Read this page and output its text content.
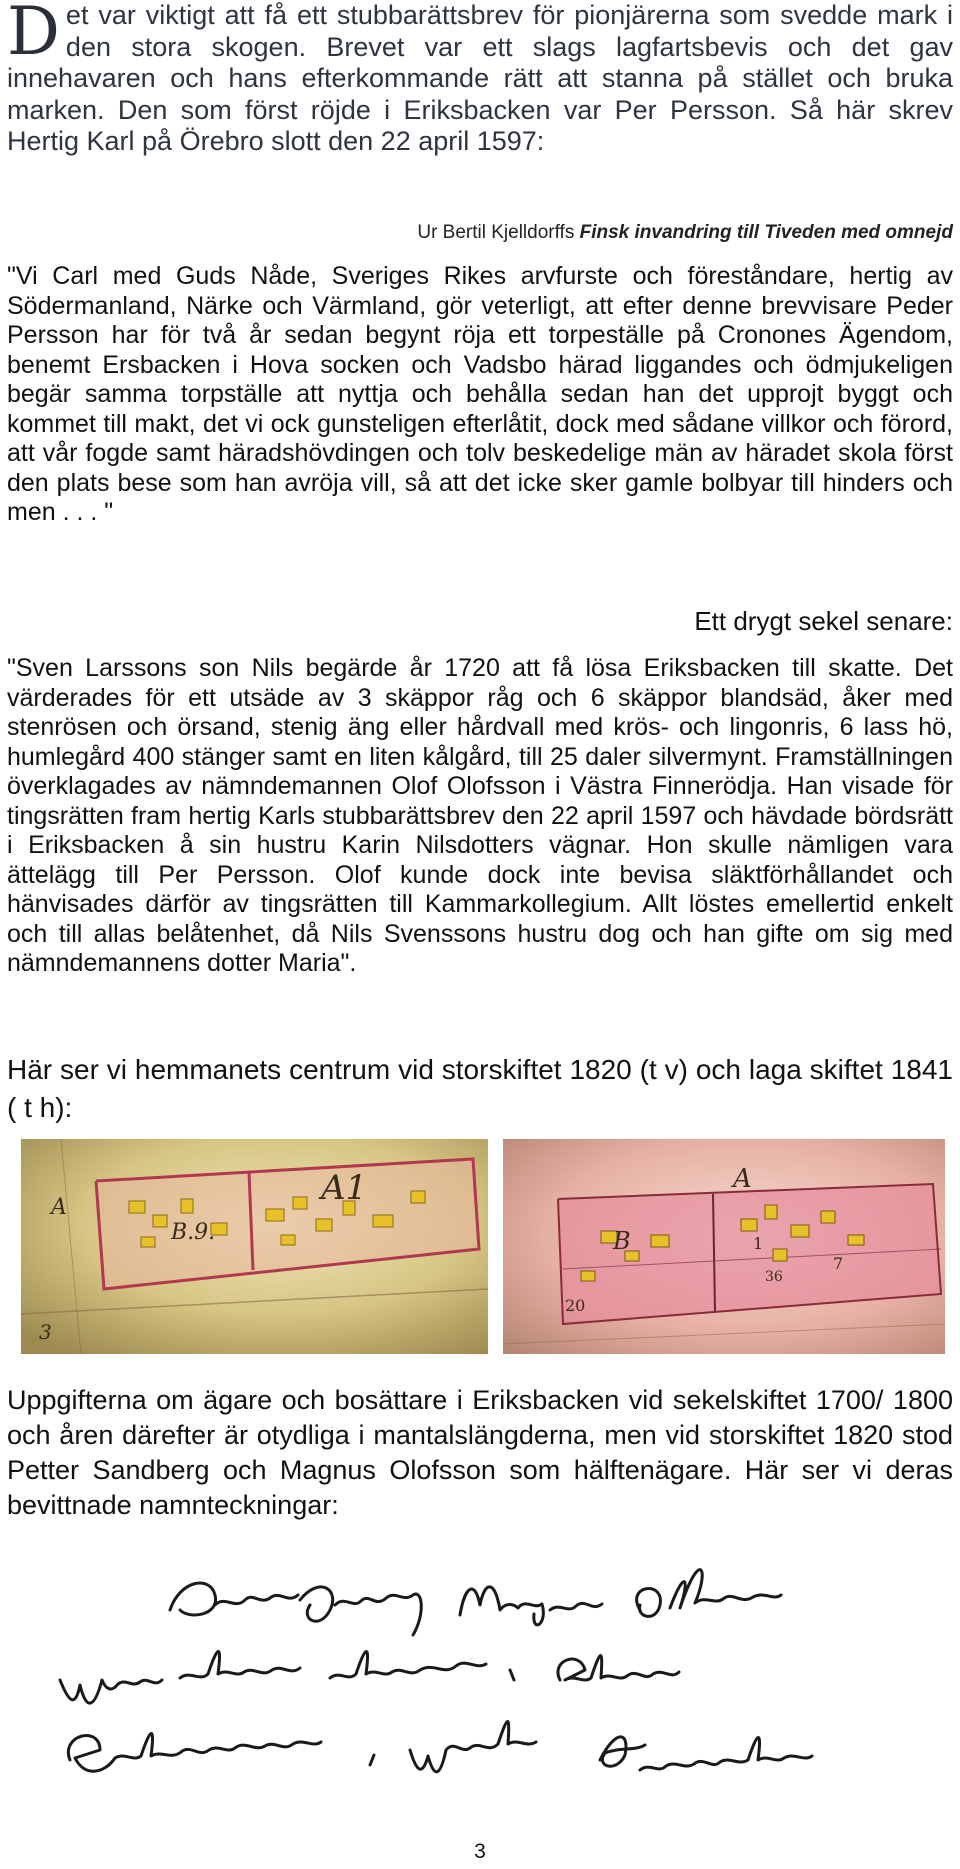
Det var viktigt att få ett stubbarättsbrev för pionjärerna som svedde mark i den stora skogen. Brevet var ett slags lagfartsbevis och det gav innehavaren och hans efterkommande rätt att stanna på stället och bruka marken. Den som först röjde i Eriksbacken var Per Persson. Så här skrev Hertig Karl på Örebro slott den 22 april 1597:
Ur Bertil Kjelldorffs Finsk invandring till Tiveden med omnejd
"Vi Carl med Guds Nåde, Sveriges Rikes arvfurste och föreståndare, hertig av Södermanland, Närke och Värmland, gör veterligt, att efter denne brevvisare Peder Persson har för två år sedan begynt röja ett torpeställe på Cronones Ägendom, benemt Ersbacken i Hova socken och Vadsbo härad liggandes och ödmjukeligen begär samma torpställe att nyttja och behålla sedan han det upprojt byggt och kommet till makt, det vi ock gunsteligen efterlåtit, dock med sådane villkor och förord, att vår fogde samt häradshövdingen och tolv beskedelige män av häradet skola först den plats bese som han avröja vill, så att det icke sker gamle bolbyar till hinders och men . . . "
Ett drygt sekel senare:
"Sven Larssons son Nils begärde år 1720 att få lösa Eriksbacken till skatte. Det värderades för ett utsäde av 3 skäppor råg och 6 skäppor blandsäd, åker med stenrösen och örsand, stenig äng eller hårdvall med krös- och lingonris, 6 lass hö, humlegård 400 stänger samt en liten kålgård, till 25 daler silvermynt. Framställningen överklagades av nämndemannen Olof Olofsson i Västra Finnerödja. Han visade för tingsrätten fram hertig Karls stubbarättsbrev den 22 april 1597 och hävdade bördsrätt i Eriksbacken å sin hustru Karin Nilsdotters vägnar. Hon skulle nämligen vara ättelägg till Per Persson. Olof kunde dock inte bevisa släktförhållandet och hänvisades därför av tingsrätten till Kammarkollegium. Allt löstes emellertid enkelt och till allas belåtenhet, då Nils Svenssons hustru dog och han gifte om sig med nämndemannens dotter Maria".
Här ser vi hemmanets centrum vid storskiftet 1820 (t v) och laga skiftet 1841 ( t h):
A
B.9.
A1
3
A
B	1
20
36
7
Uppgifterna om ägare och bosättare i Eriksbacken vid sekelskiftet 1700/ 1800 och åren därefter är otydliga i mantalslängderna, men vid storskiftet 1820 stod Petter Sandberg och Magnus Olofsson som hälftenägare. Här ser vi deras bevittnade namnteckningar:
3
